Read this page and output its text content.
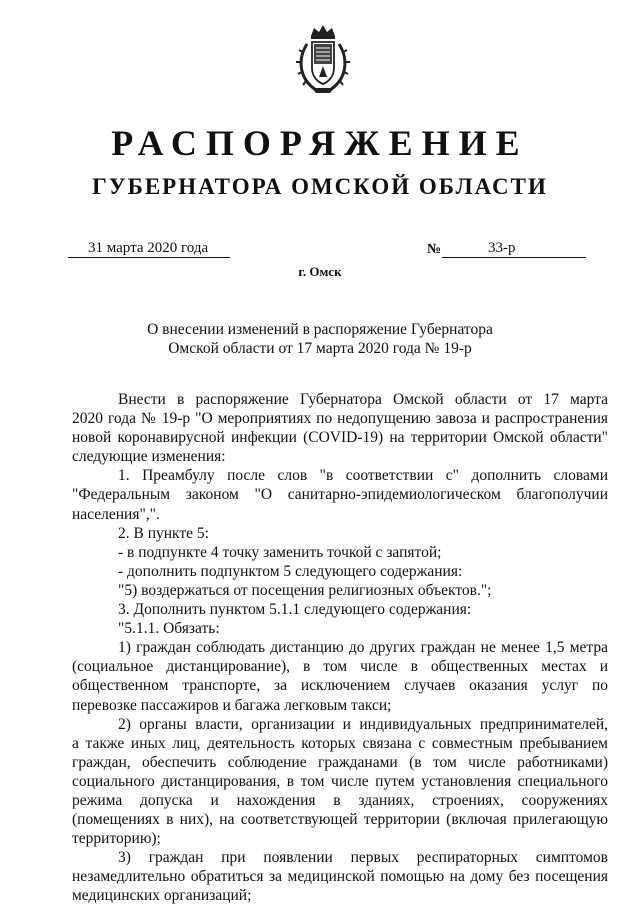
РАСПОРЯЖЕНИЕ
ГУБЕРНАТОРА ОМСКОЙ ОБЛАСТИ
31 марта 2020 года	№	33-р
г. Омск
О внесении изменений в распоряжение Губернатора
Омской области от 17 марта 2020 года № 19-р

Внести в распоряжение Губернатора Омской области от 17 марта

2020 года № 19-р "О мероприятиях по недопущению завоза и распространения

новой коронавирусной инфекции (COVID-19) на территории Омской области"

следующие изменения:

1. Преамбулу после слов "в соответствии с" дополнить словами

"Федеральным законом "О санитарно-эпидемиологическом благополучии

населения",".

2. В пункте 5:

- в подпункте 4 точку заменить точкой с запятой;

- дополнить подпунктом 5 следующего содержания:

"5) воздержаться от посещения религиозных объектов.";

3. Дополнить пунктом 5.1.1 следующего содержания:

"5.1.1. Обязать:

1) граждан соблюдать дистанцию до других граждан не менее 1,5 метра

(социальное дистанцирование), в том числе в общественных местах и

общественном транспорте, за исключением случаев оказания услуг по

перевозке пассажиров и багажа легковым такси;

2) органы власти, организации и индивидуальных предпринимателей,

а также иных лиц, деятельность которых связана с совместным пребыванием

граждан, обеспечить соблюдение гражданами (в том числе работниками)

социального дистанцирования, в том числе путем установления специального

режима допуска и нахождения в зданиях, строениях, сооружениях

(помещениях в них), на соответствующей территории (включая прилегающую

территорию);

3) граждан при появлении первых респираторных симптомов

незамедлительно обратиться за медицинской помощью на дому без посещения

медицинских организаций;
